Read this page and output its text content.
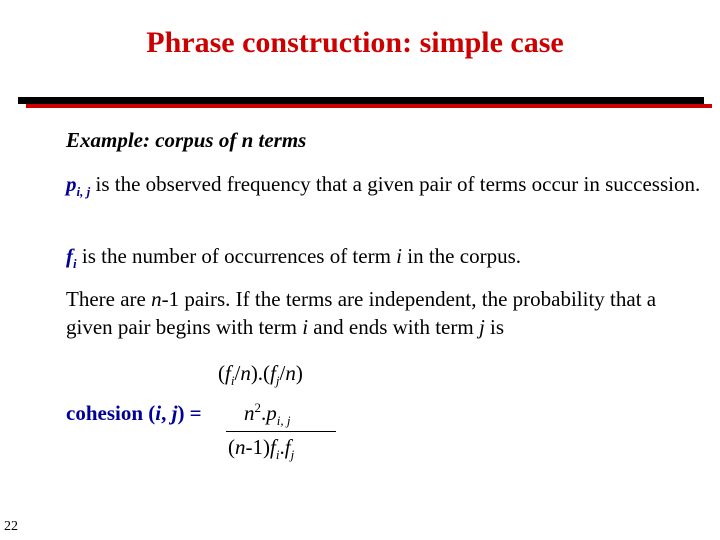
Phrase construction: simple case
Example: corpus of n terms
$p_{i, j}$ is the observed frequency that a given pair of terms occur in succession.
$f_i$ is the number of occurrences of term i in the corpus.
There are n-1 pairs. If the terms are independent, the probability that a given pair begins with term i and ends with term j is
$(f_i/n).(f_j/n)$
cohesion (i, $j) = n^2.p_{i, j}$
$(n-1)f_i.f_j$
22
